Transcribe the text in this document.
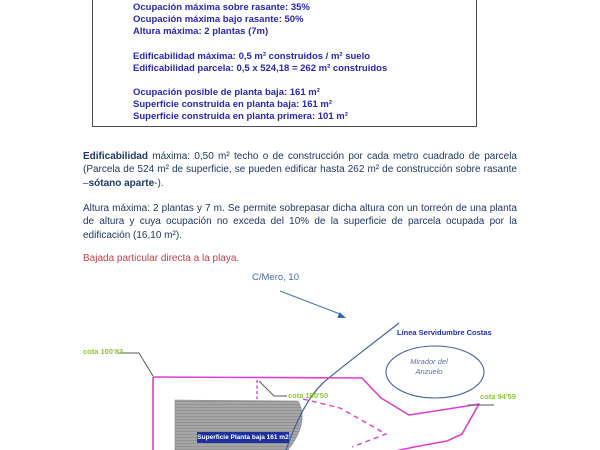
Ocupación máxima sobre rasante: 35%
Ocupación máxima bajo rasante: 50%
Altura máxima: 2 plantas (7m)
Edificabilidad máxima: 0,5 m² construidos / m² suelo
Edificabilidad parcela: 0,5 x 524,18 = 262 m² construidos
Ocupación posible de planta baja: 161 m²
Superficie construida en planta baja: 161 m²
Superficie construida en planta primera: 101 m²

Edificabilidad máxima: 0,50 m² techo o de construcción por cada metro cuadrado de parcela (Parcela de 524 m² de superficie, se pueden edificar hasta 262 m² de construcción sobre rasante –sótano aparte-).

Altura máxima: 2 plantas y 7 m. Se permite sobrepasar dicha altura con un torreón de una planta de altura y cuya ocupación no exceda del 10% de la superficie de parcela ocupada por la edificación (16,10 m²).

Bajada particular directa a la playa.
C/Mero, 10
Línea Servidumbre Costas
Mirador del
Anzuelo
cota 100'83
cota 100'50	cota 94'59
Superficie Planta baja 161 m2
